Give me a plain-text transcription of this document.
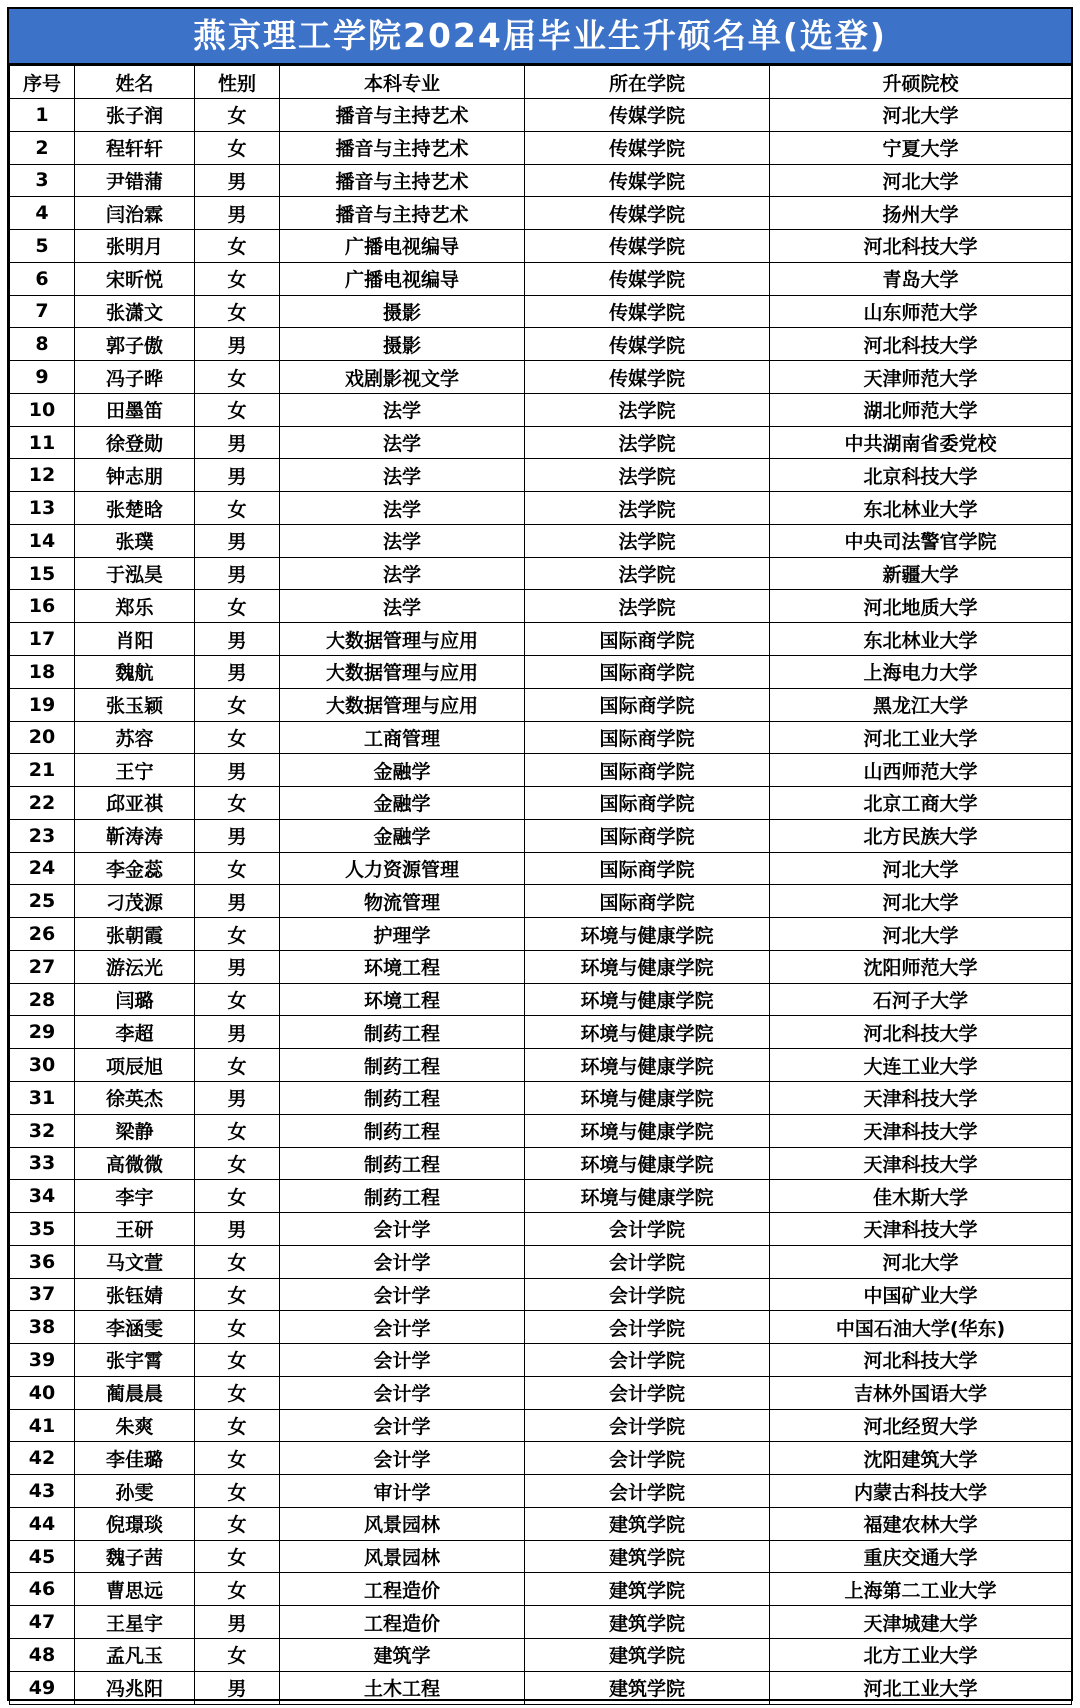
燕京理工学院2024届毕业生升硕名单(选登)
序号	姓名	性别	本科专业	所在学院	升硕院校
1	张子润	女	播音与主持艺术	传媒学院	河北大学
2	程轩轩	女	播音与主持艺术	传媒学院	宁夏大学
3	尹错蒲	男	播音与主持艺术	传媒学院	河北大学
4	闫治霖	男	播音与主持艺术	传媒学院	扬州大学
5	张明月	女	广播电视编导	传媒学院	河北科技大学
6	宋昕悦	女	广播电视编导	传媒学院	青岛大学
7	张潇文	女	摄影	传媒学院	山东师范大学
8	郭子傲	男	摄影	传媒学院	河北科技大学
9	冯子晔	女	戏剧影视文学	传媒学院	天津师范大学
10	田墨笛	女	法学	法学院	湖北师范大学
11	徐登勋	男	法学	法学院	中共湖南省委党校
12	钟志朋	男	法学	法学院	北京科技大学
13	张楚晗	女	法学	法学院	东北林业大学
14	张璞	男	法学	法学院	中央司法警官学院
15	于泓昊	男	法学	法学院	新疆大学
16	郑乐	女	法学	法学院	河北地质大学
17	肖阳	男	大数据管理与应用	国际商学院	东北林业大学
18	魏航	男	大数据管理与应用	国际商学院	上海电力大学
19	张玉颖	女	大数据管理与应用	国际商学院	黑龙江大学
20	苏容	女	工商管理	国际商学院	河北工业大学
21	王宁	男	金融学	国际商学院	山西师范大学
22	邱亚祺	女	金融学	国际商学院	北京工商大学
23	靳涛涛	男	金融学	国际商学院	北方民族大学
24	李金蕊	女	人力资源管理	国际商学院	河北大学
25	刁茂源	男	物流管理	国际商学院	河北大学
26	张朝霞	女	护理学	环境与健康学院	河北大学
27	游沄光	男	环境工程	环境与健康学院	沈阳师范大学
28	闫璐	女	环境工程	环境与健康学院	石河子大学
29	李超	男	制药工程	环境与健康学院	河北科技大学
30	项辰旭	女	制药工程	环境与健康学院	大连工业大学
31	徐英杰	男	制药工程	环境与健康学院	天津科技大学
32	梁静	女	制药工程	环境与健康学院	天津科技大学
33	高微微	女	制药工程	环境与健康学院	天津科技大学
34	李宇	女	制药工程	环境与健康学院	佳木斯大学
35	王研	男	会计学	会计学院	天津科技大学
36	马文萱	女	会计学	会计学院	河北大学
37	张钰婧	女	会计学	会计学院	中国矿业大学
38	李涵雯	女	会计学	会计学院	中国石油大学(华东)
39	张宇霄	女	会计学	会计学院	河北科技大学
40	蔺晨晨	女	会计学	会计学院	吉林外国语大学
41	朱爽	女	会计学	会计学院	河北经贸大学
42	李佳璐	女	会计学	会计学院	沈阳建筑大学
43	孙雯	女	审计学	会计学院	内蒙古科技大学
44	倪璟琰	女	风景园林	建筑学院	福建农林大学
45	魏子茜	女	风景园林	建筑学院	重庆交通大学
46	曹思远	女	工程造价	建筑学院	上海第二工业大学
47	王星宇	男	工程造价	建筑学院	天津城建大学
48	孟凡玉	女	建筑学	建筑学院	北方工业大学
49	冯兆阳	男	土木工程	建筑学院	河北工业大学
